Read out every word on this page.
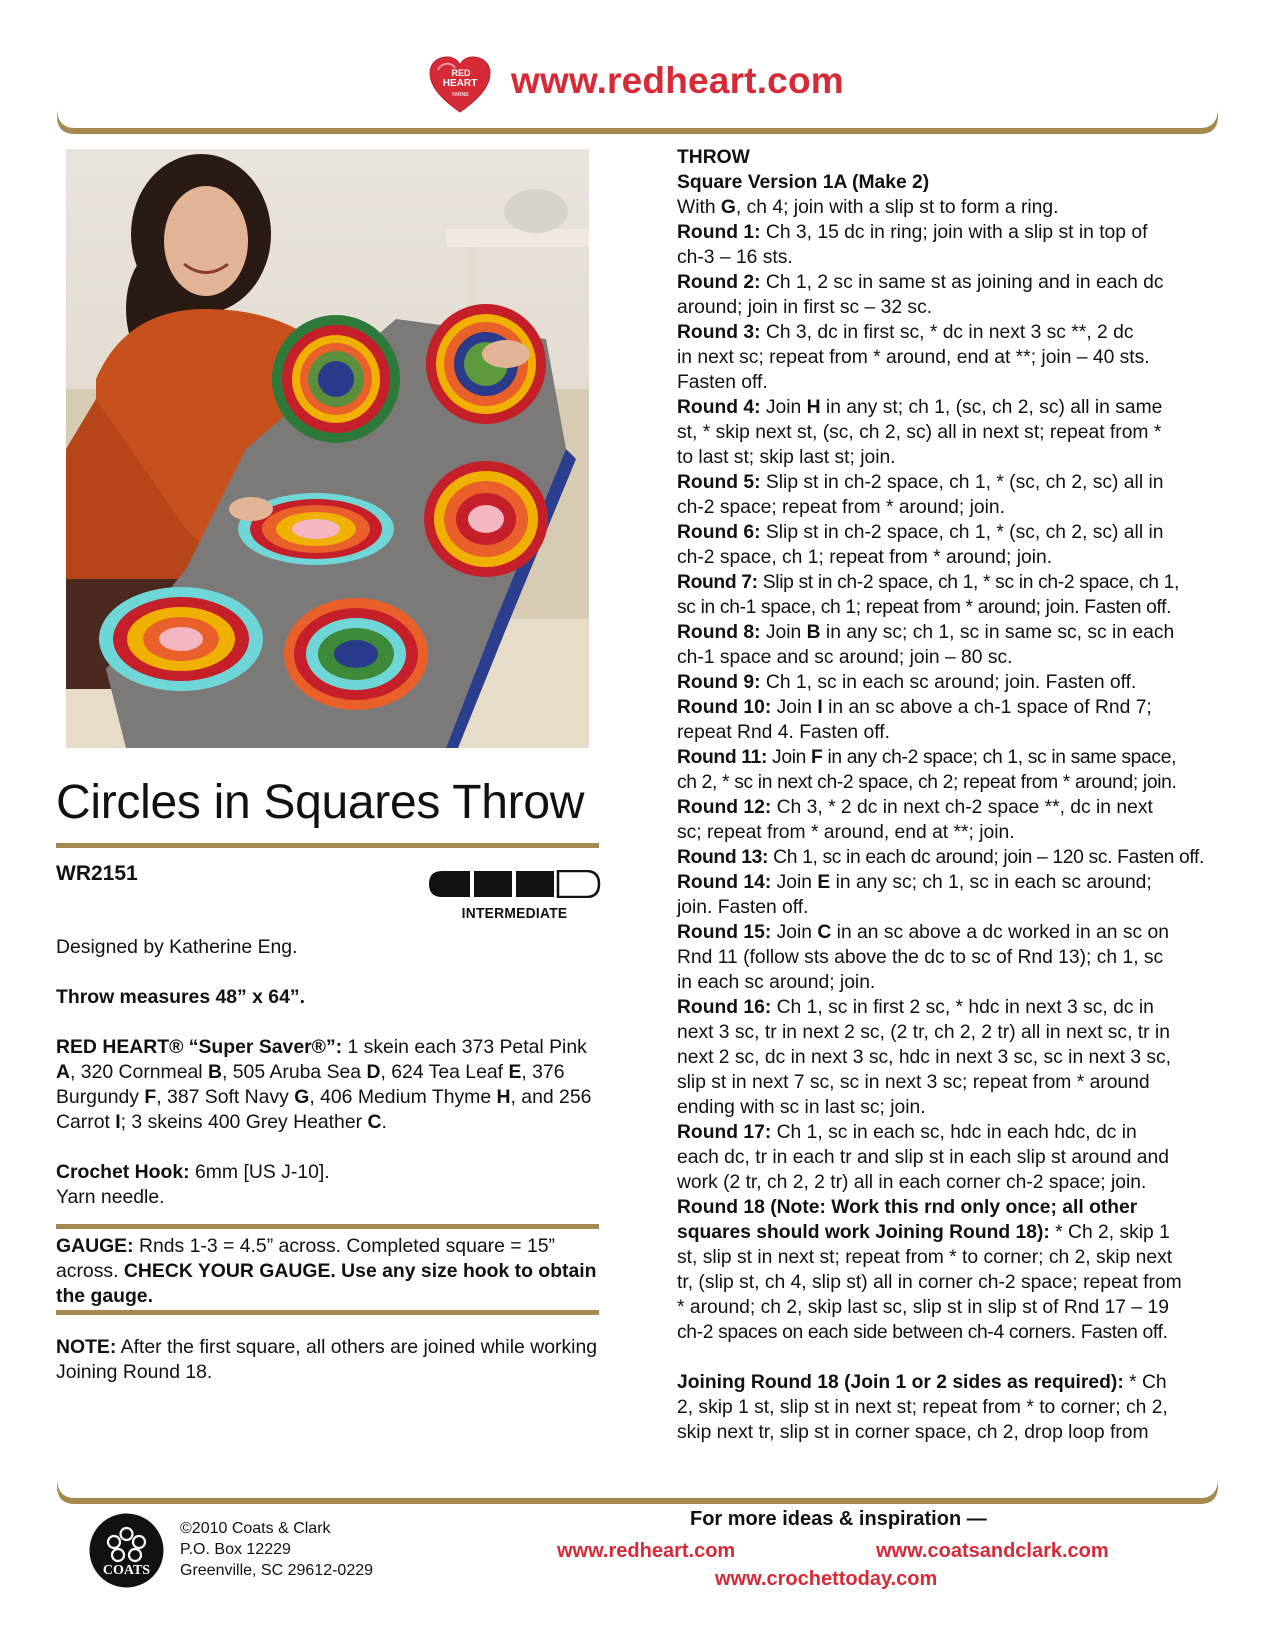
RED
HEART
YARNS www.redheart.com
Circles in Squares Throw
WR2151
INTERMEDIATE
Designed by Katherine Eng.
Throw measures 48” x 64”.
RED HEART® “Super Saver®”: 1 skein each 373 Petal Pink A, 320 Cornmeal B, 505 Aruba Sea D, 624 Tea Leaf E, 376 Burgundy F, 387 Soft Navy G, 406 Medium Thyme H, and 256 Carrot I; 3 skeins 400 Grey Heather C.
Crochet Hook: 6mm [US J-10].
Yarn needle.
GAUGE: Rnds 1-3 = 4.5” across. Completed square = 15” across. CHECK YOUR GAUGE. Use any size hook to obtain the gauge.
NOTE: After the first square, all others are joined while working Joining Round 18.

THROW

Square Version 1A (Make 2)

With G, ch 4; join with a slip st to form a ring.

Round 1: Ch 3, 15 dc in ring; join with a slip st in top of

ch-3 – 16 sts.

Round 2: Ch 1, 2 sc in same st as joining and in each dc

around; join in first sc – 32 sc.

Round 3: Ch 3, dc in first sc, * dc in next 3 sc **, 2 dc

in next sc; repeat from * around, end at **; join – 40 sts.

Fasten off.

Round 4: Join H in any st; ch 1, (sc, ch 2, sc) all in same

st, * skip next st, (sc, ch 2, sc) all in next st; repeat from *

to last st; skip last st; join.

Round 5: Slip st in ch-2 space, ch 1, * (sc, ch 2, sc) all in

ch-2 space; repeat from * around; join.

Round 6: Slip st in ch-2 space, ch 1, * (sc, ch 2, sc) all in

ch-2 space, ch 1; repeat from * around; join.

Round 7: Slip st in ch-2 space, ch 1, * sc in ch-2 space, ch 1,

sc in ch-1 space, ch 1; repeat from * around; join. Fasten off.

Round 8: Join B in any sc; ch 1, sc in same sc, sc in each

ch-1 space and sc around; join – 80 sc.

Round 9: Ch 1, sc in each sc around; join. Fasten off.

Round 10: Join I in an sc above a ch-1 space of Rnd 7;

repeat Rnd 4. Fasten off.

Round 11: Join F in any ch-2 space; ch 1, sc in same space,

ch 2, * sc in next ch-2 space, ch 2; repeat from * around; join.

Round 12: Ch 3, * 2 dc in next ch-2 space **, dc in next

sc; repeat from * around, end at **; join.

Round 13: Ch 1, sc in each dc around; join – 120 sc. Fasten off.

Round 14: Join E in any sc; ch 1, sc in each sc around;

join. Fasten off.

Round 15: Join C in an sc above a dc worked in an sc on

Rnd 11 (follow sts above the dc to sc of Rnd 13); ch 1, sc

in each sc around; join.

Round 16: Ch 1, sc in first 2 sc, * hdc in next 3 sc, dc in

next 3 sc, tr in next 2 sc, (2 tr, ch 2, 2 tr) all in next sc, tr in

next 2 sc, dc in next 3 sc, hdc in next 3 sc, sc in next 3 sc,

slip st in next 7 sc, sc in next 3 sc; repeat from * around

ending with sc in last sc; join.

Round 17: Ch 1, sc in each sc, hdc in each hdc, dc in

each dc, tr in each tr and slip st in each slip st around and

work (2 tr, ch 2, 2 tr) all in each corner ch-2 space; join.

Round 18 (Note: Work this rnd only once; all other

squares should work Joining Round 18): * Ch 2, skip 1

st, slip st in next st; repeat from * to corner; ch 2, skip next

tr, (slip st, ch 4, slip st) all in corner ch-2 space; repeat from

* around; ch 2, skip last sc, slip st in slip st of Rnd 17 – 19

ch-2 spaces on each side between ch-4 corners. Fasten off.

Joining Round 18 (Join 1 or 2 sides as required): * Ch

2, skip 1 st, slip st in next st; repeat from * to corner; ch 2,

skip next tr, slip st in corner space, ch 2, drop loop from

COATS
©2010 Coats & Clark
P.O. Box 12229
Greenville, SC 29612-0229
For more ideas & inspiration —
www.redheart.com	www.coatsandclark.com
www.crochettoday.com
